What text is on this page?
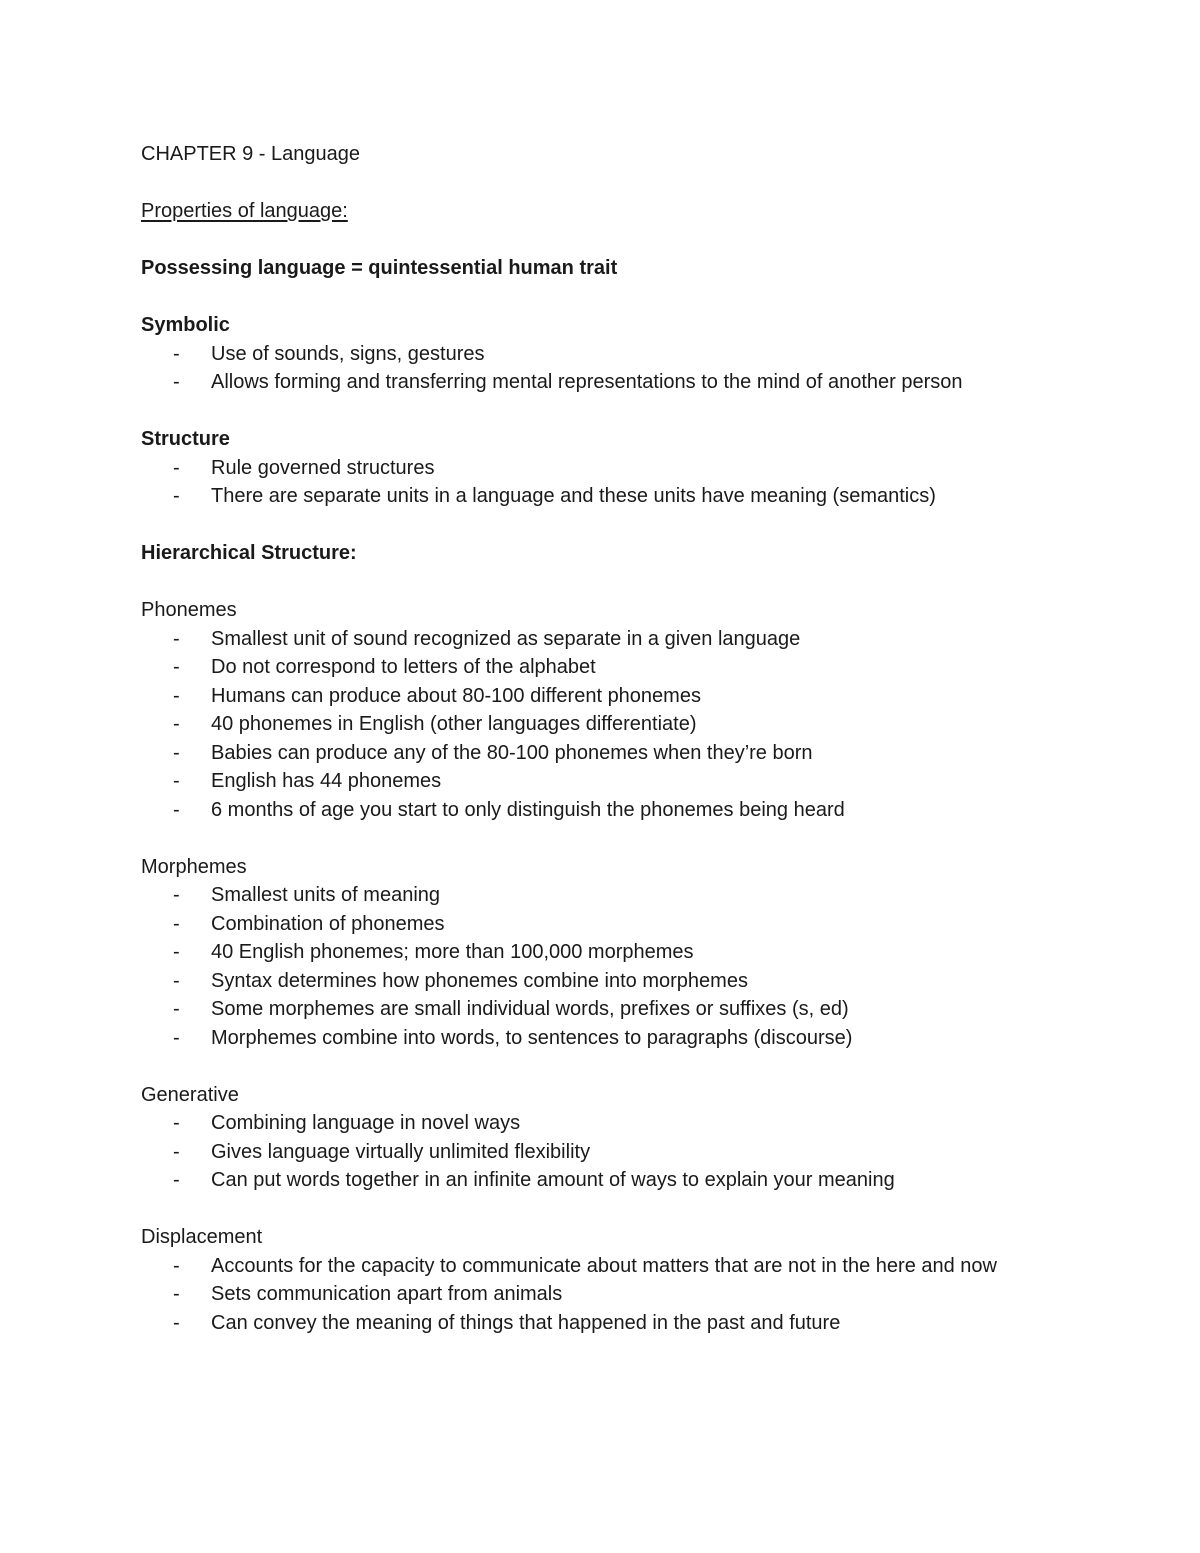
CHAPTER 9 - Language

Properties of language:

Possessing language = quintessential human trait

Symbolic

- Use of sounds, signs, gestures
- Allows forming and transferring mental representations to the mind of another person

Structure

- Rule governed structures
- There are separate units in a language and these units have meaning (semantics)

Hierarchical Structure:

Phonemes

- Smallest unit of sound recognized as separate in a given language
- Do not correspond to letters of the alphabet
- Humans can produce about 80-100 different phonemes
- 40 phonemes in English (other languages differentiate)
- Babies can produce any of the 80-100 phonemes when they’re born
- English has 44 phonemes
- 6 months of age you start to only distinguish the phonemes being heard

Morphemes

- Smallest units of meaning
- Combination of phonemes
- 40 English phonemes; more than 100,000 morphemes
- Syntax determines how phonemes combine into morphemes
- Some morphemes are small individual words, prefixes or suffixes (s, ed)
- Morphemes combine into words, to sentences to paragraphs (discourse)

Generative

- Combining language in novel ways
- Gives language virtually unlimited flexibility
- Can put words together in an infinite amount of ways to explain your meaning

Displacement

- Accounts for the capacity to communicate about matters that are not in the here and now
- Sets communication apart from animals
- Can convey the meaning of things that happened in the past and future
